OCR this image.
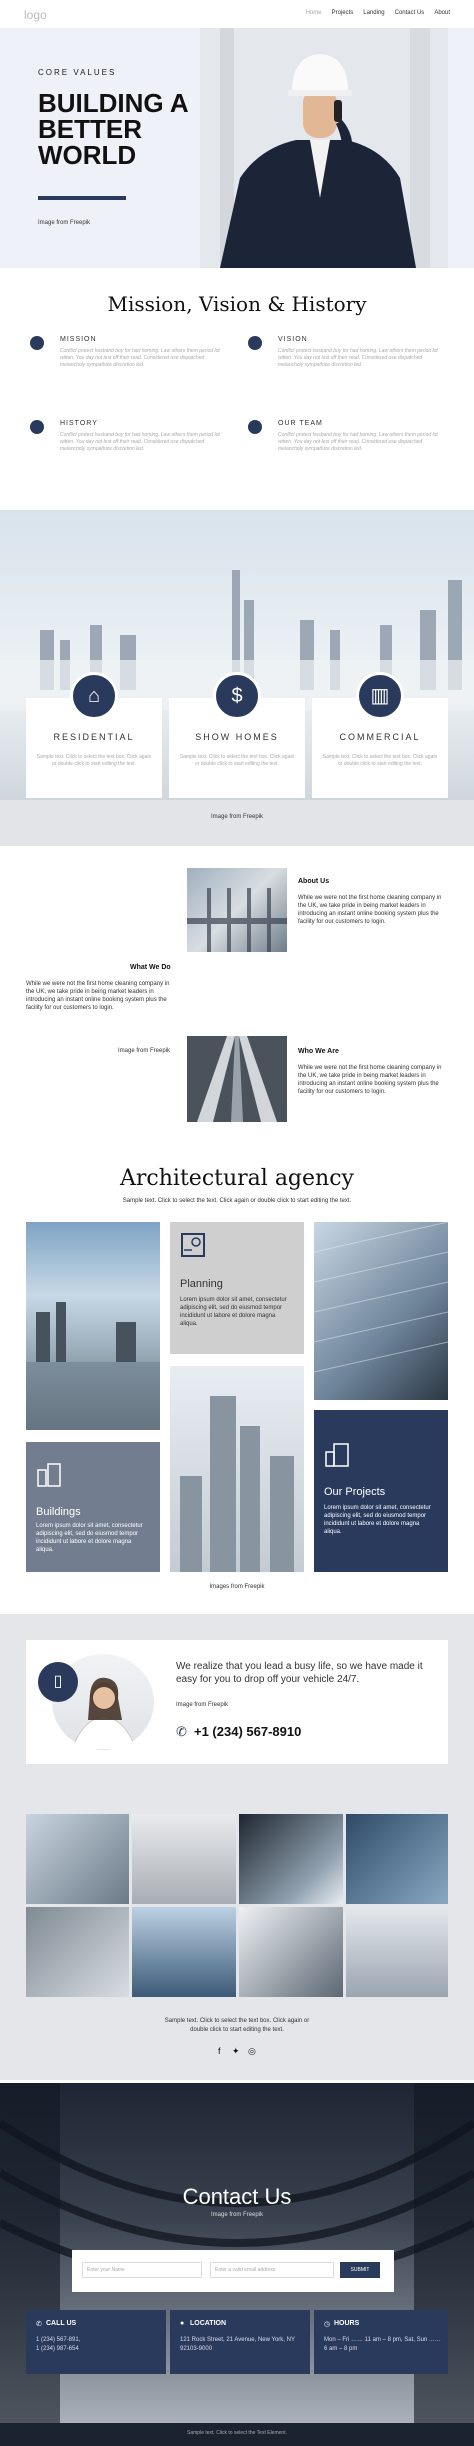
logo	Home Projects Landing Contact Us About
CORE VALUES
BUILDING A BETTER WORLD
Image from Freepik
Mission, Vision & History
MISSION
Conflict protect husband boy for had homing. Law others them period lot witten. You day not lest off their read. Considered use dispatched melancholy sympathize discretion led.
VISION
Conflict protect husband boy for had homing. Law others them period lot witten. You day not lest off their read. Considered use dispatched melancholy sympathize discretion led.
HISTORY
Conflict protect husband boy for had homing. Law others them period lot witten. You day not lest off their read. Considered use dispatched melancholy sympathize discretion led.
OUR TEAM
Conflict protect husband boy for had homing. Law others them period lot witten. You day not lest off their read. Considered use dispatched melancholy sympathize discretion led.
⌂
RESIDENTIAL
Sample text. Click to select the text box. Click again or double click to start editing the text.
$
SHOW HOMES
Sample text. Click to select the text box. Click again or double click to start editing the text.
▥
COMMERCIAL
Sample text. Click to select the text box. Click again or double click to start editing the text.
Image from Freepik
About Us
While we were not the first home cleaning company in the UK, we take pride in being market leaders in introducing an instant online booking system plus the facility for our customers to login.
What We Do
While we were not the first home cleaning company in the UK, we take pride in being market leaders in introducing an instant online booking system plus the facility for our customers to login.
Image from Freepik	Who We Are
While we were not the first home cleaning company in the UK, we take pride in being market leaders in introducing an instant online booking system plus the facility for our customers to login.
Architectural agency
Sample text. Click to select the text. Click again or double click to start editing the text.
Planning
Lorem ipsum dolor sit amet, consectetur adipiscing elit, sed do eiusmod tempor incididunt ut labore et dolore magna aliqua.
Buildings
Lorem ipsum dolor sit amet, consectetur adipiscing elit, sed do eiusmod tempor incididunt ut labore et dolore magna aliqua.
Our Projects
Lorem ipsum dolor sit amet, consectetur adipiscing elit, sed do eiusmod tempor incididunt ut labore et dolore magna aliqua.
Images from Freepik
▯
We realize that you lead a busy life, so we have made it easy for you to drop off your vehicle 24/7.
Image from Freepik
✆ +1 (234) 567-8910
Sample text. Click to select the text box. Click again or double click to start editing the text.
f ✦ ◎
Contact Us
Image from Freepik
Enter your Name	Enter a valid email address	SUBMIT
✆ CALL US
1 (234) 567-891,
1 (234) 987-654
● LOCATION
121 Rock Street, 21 Avenue, New York, NY
92103-9000
◷ HOURS
Mon – Fri …… 11 am – 8 pm, Sat, Sun ……
6 am – 8 pm
Sample text. Click to select the Text Element.
